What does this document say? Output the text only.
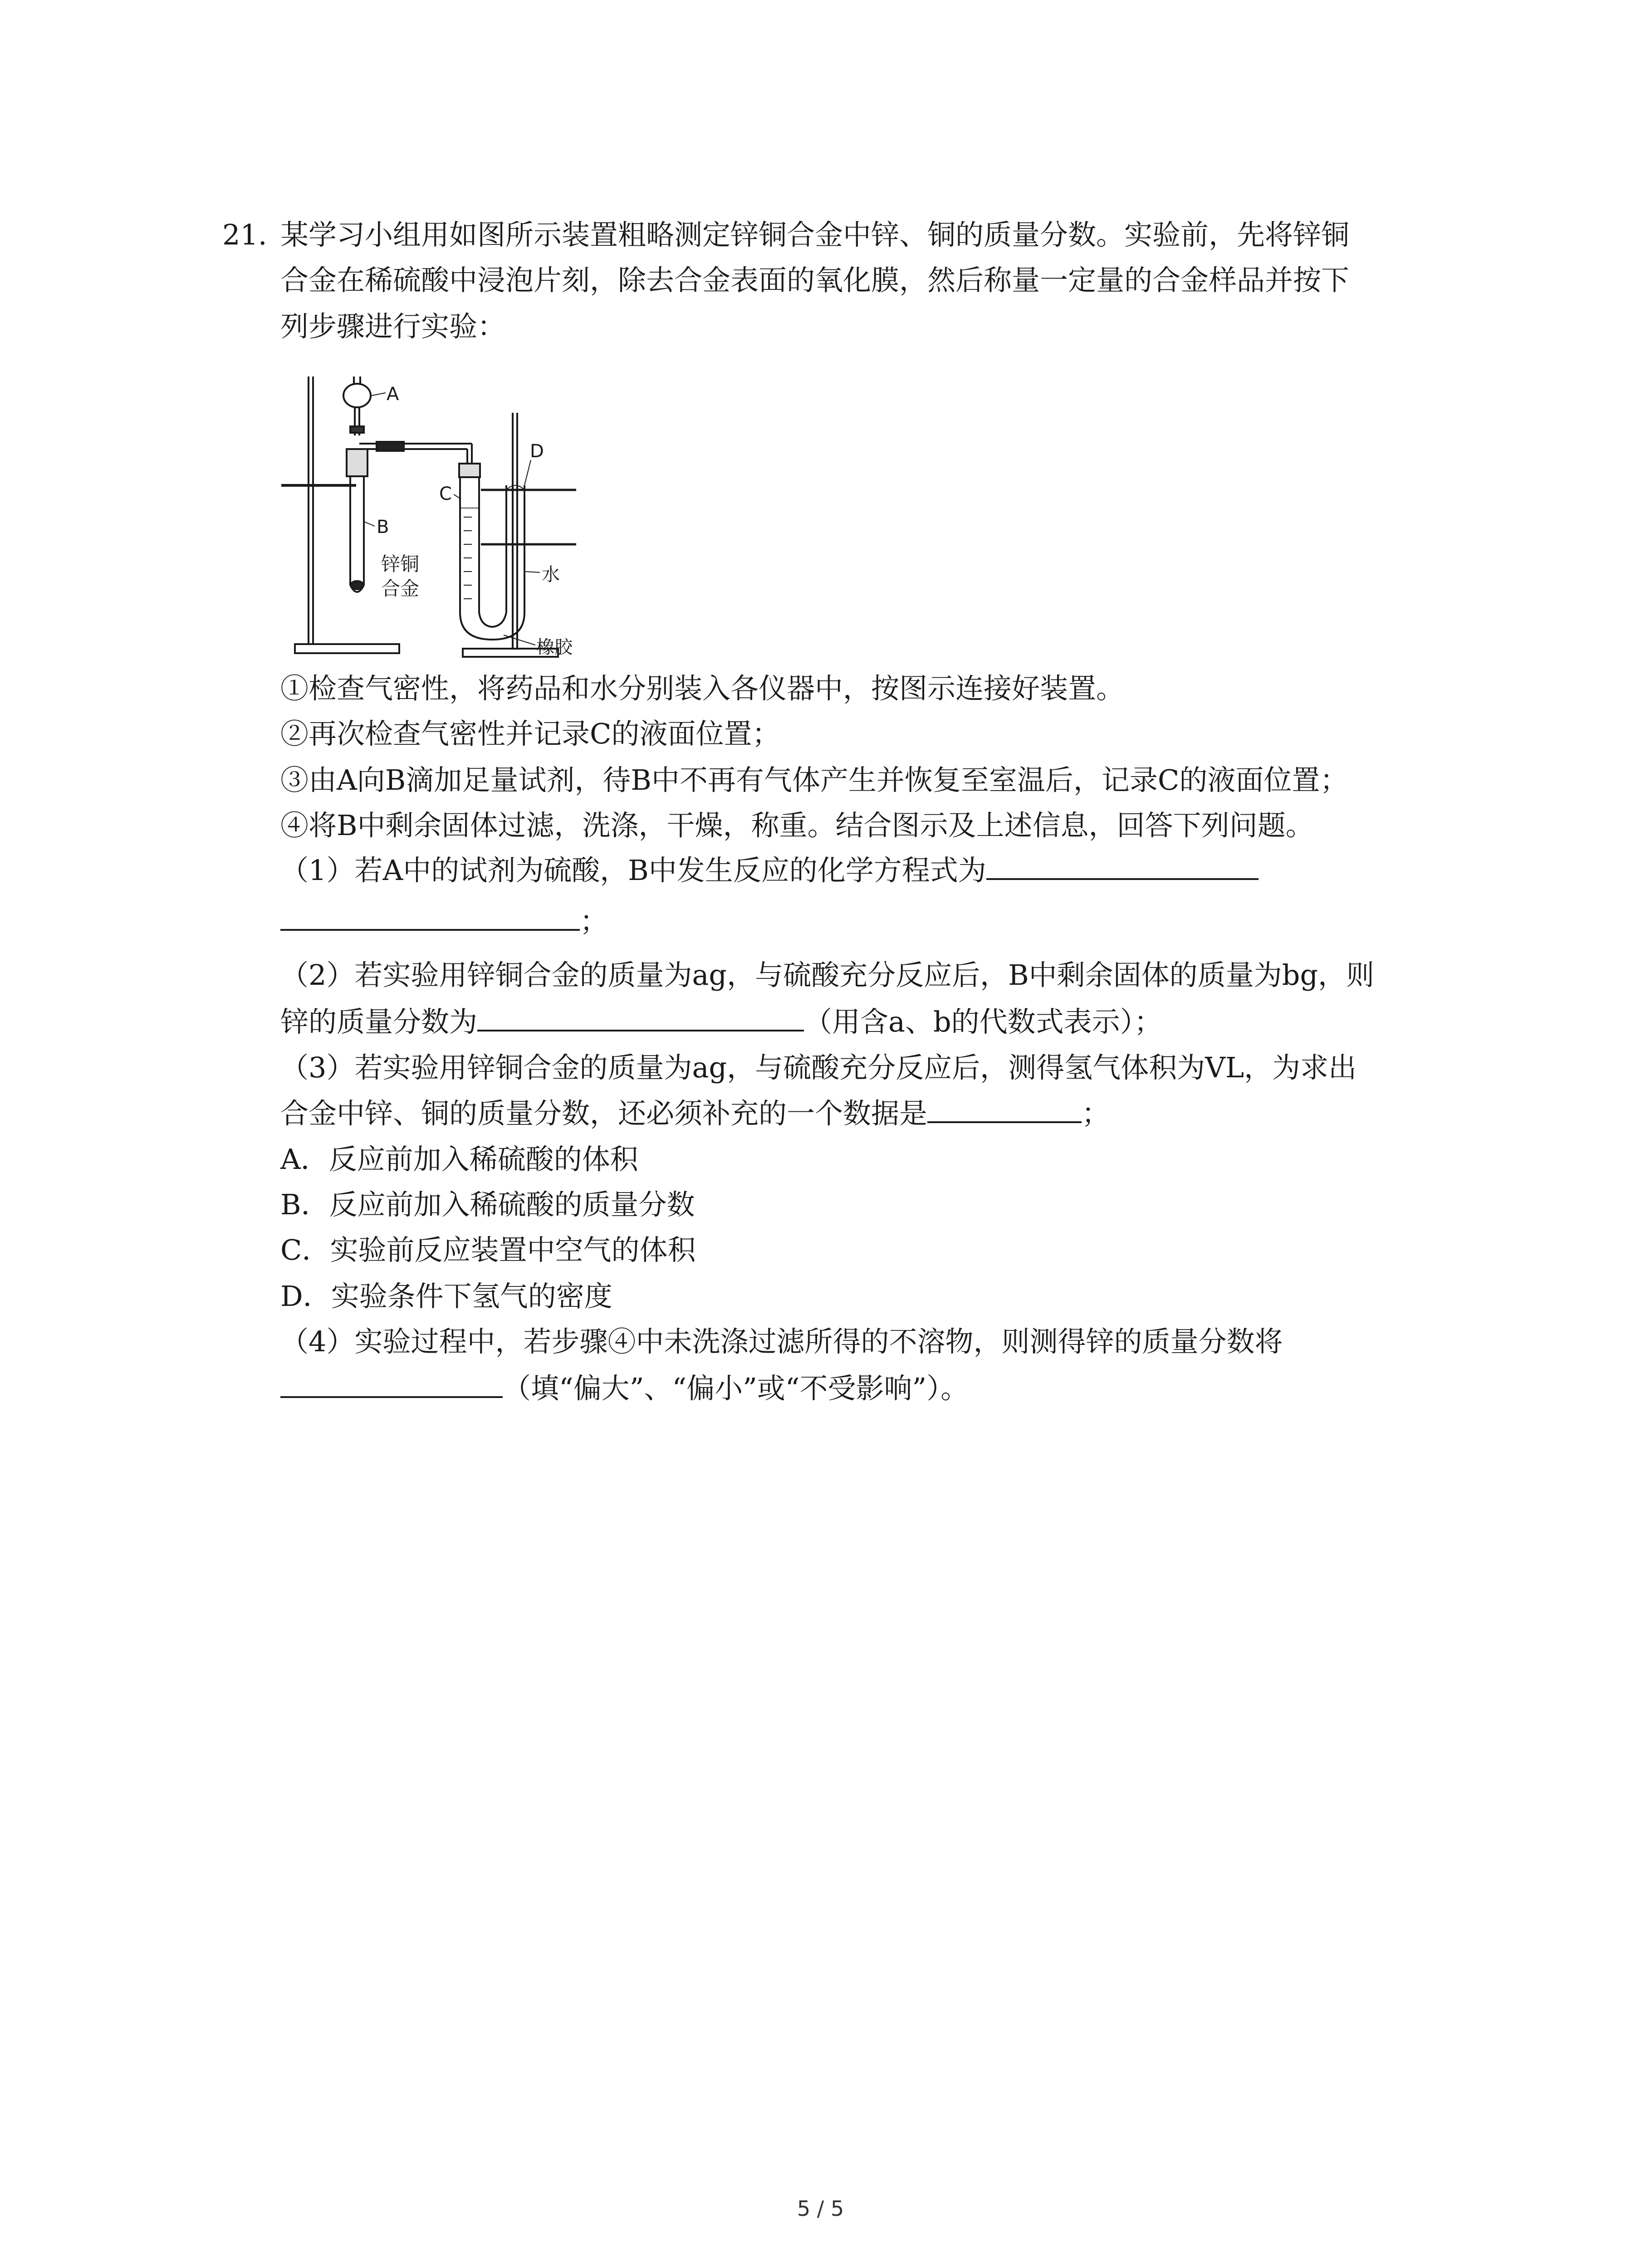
21. 某学习小组用如图所示装置粗略测定锌铜合金中锌、铜的质量分数。实验前，先将锌铜
合金在稀硫酸中浸泡片刻，除去合金表面的氧化膜，然后称量一定量的合金样品并按下
列步骤进行实验：
A
B
C
D
锌铜
合金
水
橡胶
①检查气密性，将药品和水分别装入各仪器中，按图示连接好装置。
②再次检查气密性并记录C的液面位置；
③由A向B滴加足量试剂，待B中不再有气体产生并恢复至室温后，记录C的液面位置；
④将B中剩余固体过滤，洗涤，干燥，称重。结合图示及上述信息，回答下列问题。
（1）若A中的试剂为硫酸，B中发生反应的化学方程式为
；
（2）若实验用锌铜合金的质量为ag，与硫酸充分反应后，B中剩余固体的质量为bg，则
锌的质量分数为	（用含a、b的代数式表示）；
（3）若实验用锌铜合金的质量为ag，与硫酸充分反应后，测得氢气体积为VL，为求出
合金中锌、铜的质量分数，还必须补充的一个数据是	；
A．反应前加入稀硫酸的体积
B．反应前加入稀硫酸的质量分数
C．实验前反应装置中空气的体积
D．实验条件下氢气的密度
（4）实验过程中，若步骤④中未洗涤过滤所得的不溶物，则测得锌的质量分数将
（填“偏大”、“偏小”或“不受影响”）。
5 / 5
